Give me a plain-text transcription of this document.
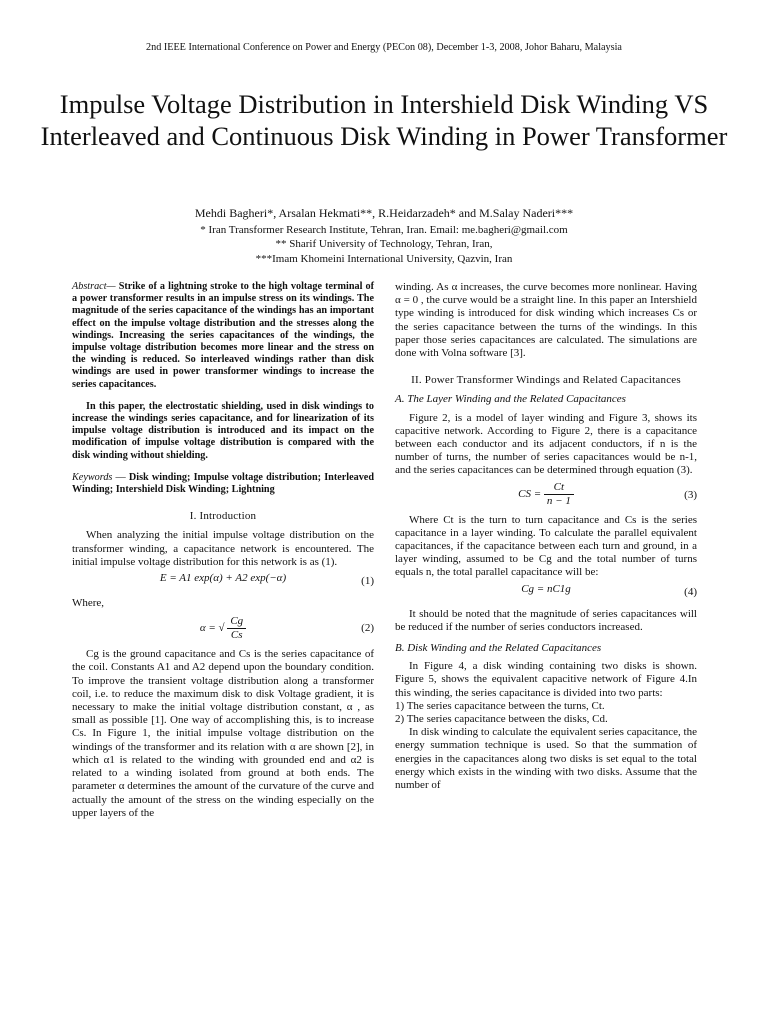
2nd IEEE International Conference on Power and Energy (PECon 08), December 1-3, 2008, Johor Baharu, Malaysia
Impulse Voltage Distribution in Intershield Disk Winding VS Interleaved and Continuous Disk Winding in Power Transformer
Mehdi Bagheri*, Arsalan Hekmati**, R.Heidarzadeh* and M.Salay Naderi***
* Iran Transformer Research Institute, Tehran, Iran. Email: me.bagheri@gmail.com
** Sharif University of Technology, Tehran, Iran,
***Imam Khomeini International University, Qazvin, Iran

Abstract— Strike of a lightning stroke to the high voltage terminal of a power transformer results in an impulse stress on its windings. The magnitude of the series capacitance of the windings has an important effect on the impulse voltage distribution and the stresses along the windings. Increasing the series capacitances of the windings, the impulse voltage distribution becomes more linear and the stress on the winding is reduced. So interleaved windings rather than disk windings are used in power transformer windings to increase the series capacitances.

In this paper, the electrostatic shielding, used in disk windings to increase the windings series capacitance, and for linearization of its impulse voltage distribution is introduced and its impact on the modification of impulse voltage distribution is compared with the disk winding without shielding.

Keywords — Disk winding; Impulse voltage distribution; Interleaved Winding; Intershield Disk Winding; Lightning

I. Introduction

When analyzing the initial impulse voltage distribution on the transformer winding, a capacitance network is encountered. The initial impulse voltage distribution for this network is as (1).

E = A1 exp(α) + A2 exp(−α)	(1)

Where,

α = √ $\frac{Cg}{Cs}$	(2)

Cg is the ground capacitance and Cs is the series capacitance of the coil. Constants A1 and A2 depend upon the boundary condition. To improve the transient voltage distribution along a transformer coil, i.e. to reduce the maximum disk to disk Voltage gradient, it is necessary to make the initial voltage distribution constant, α , as small as possible [1]. One way of accomplishing this, is to increase Cs. In Figure 1, the initial impulse voltage distribution on the windings of the transformer and its relation with α are shown [2], in which α1 is related to the winding with grounded end and α2 is related to a winding isolated from ground at both ends. The parameter α determines the amount of the curvature of the curve and actually the amount of the stress on the winding especially on the upper layers of the

winding. As α increases, the curve becomes more nonlinear. Having α = 0 , the curve would be a straight line. In this paper an Intershield type winding is introduced for disk winding which increases Cs or the series capacitance between the turns of the windings. In this paper those series capacitances are calculated. The simulations are done with Volna software [3].

II. Power Transformer Windings and Related Capacitances
A. The Layer Winding and the Related Capacitances

Figure 2, is a model of layer winding and Figure 3, shows its capacitive network. According to Figure 2, there is a capacitance between each conductor and its adjacent conductors, if n is the number of turns, the number of series capacitances would be n-1, and the series capacitances can be determined through equation (3).

CS = $\frac{Ct}{n - 1}$	(3)

Where Ct is the turn to turn capacitance and Cs is the series capacitance in a layer winding. To calculate the parallel equivalent capacitances, if the capacitance between each turn and ground, in a layer winding, assumed to be Cg and the total number of turns equals n, the total parallel capacitance will be:

Cg = nC1g	(4)

It should be noted that the magnitude of series capacitances will be reduced if the number of series conductors increased.

B. Disk Winding and the Related Capacitances

In Figure 4, a disk winding containing two disks is shown. Figure 5, shows the equivalent capacitive network of Figure 4.In this winding, the series capacitance is divided into two parts:

1) The series capacitance between the turns, Ct.

2) The series capacitance between the disks, Cd.

In disk winding to calculate the equivalent series capacitance, the energy summation technique is used. So that the summation of energies in the capacitances along two disks is set equal to the total energy which exists in the winding with two disks. Assume that the number of
